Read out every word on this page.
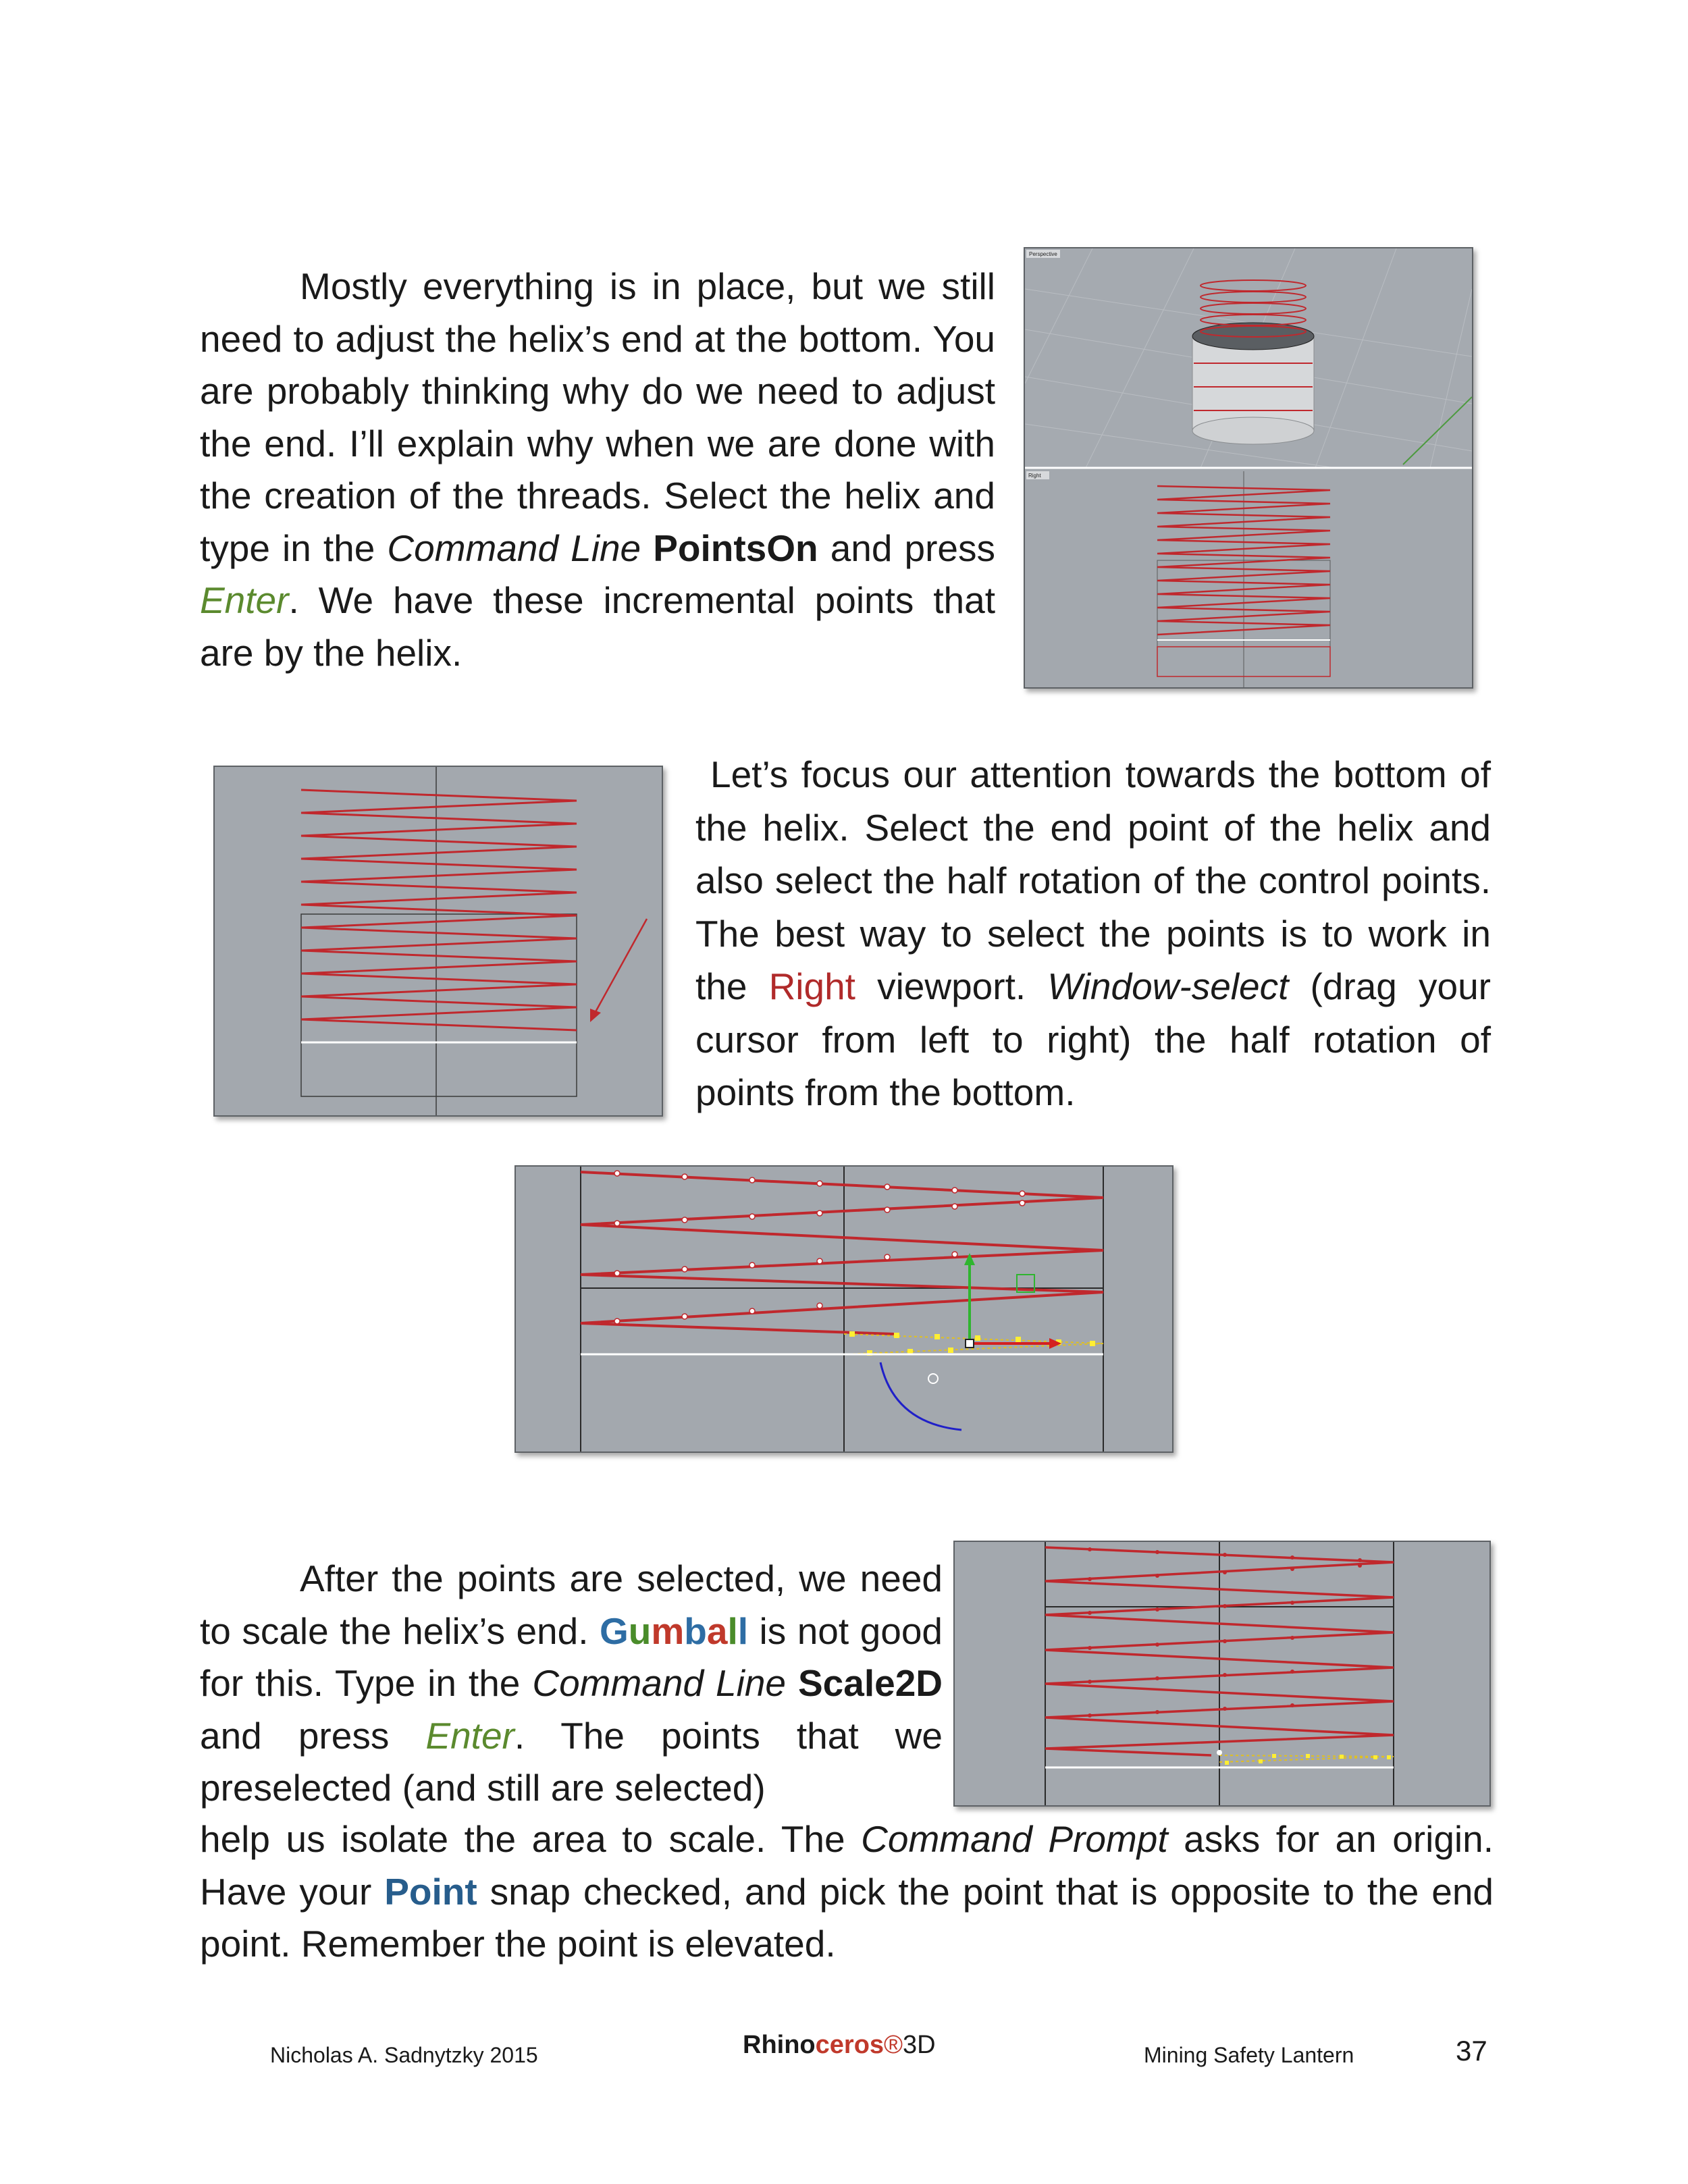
Mostly everything is in place, but we still need to adjust the helix’s end at the bottom. You are probably thinking why do we need to adjust the end. I’ll explain why when we are done with the creation of the threads. Select the helix and type in the Command Line PointsOn and press Enter. We have these incremental points that are by the helix.

Perspective
Right

Let’s focus our attention towards the bottom of the helix. Select the end point of the helix and also select the half rotation of the control points. The best way to select the points is to work in the Right viewport. Window-select (drag your cursor from left to right) the half rotation of points from the bottom.

After the points are selected, we need to scale the helix’s end. Gumball is not good for this. Type in the Command Line Scale2D and press Enter. The points that we preselected (and still are selected)

help us isolate the area to scale. The Command Prompt asks for an origin. Have your Point snap checked, and pick the point that is opposite to the end point. Remember the point is elevated.

Nicholas A. Sadnytzky 2015	Rhinoceros®3D	Mining Safety Lantern	37
